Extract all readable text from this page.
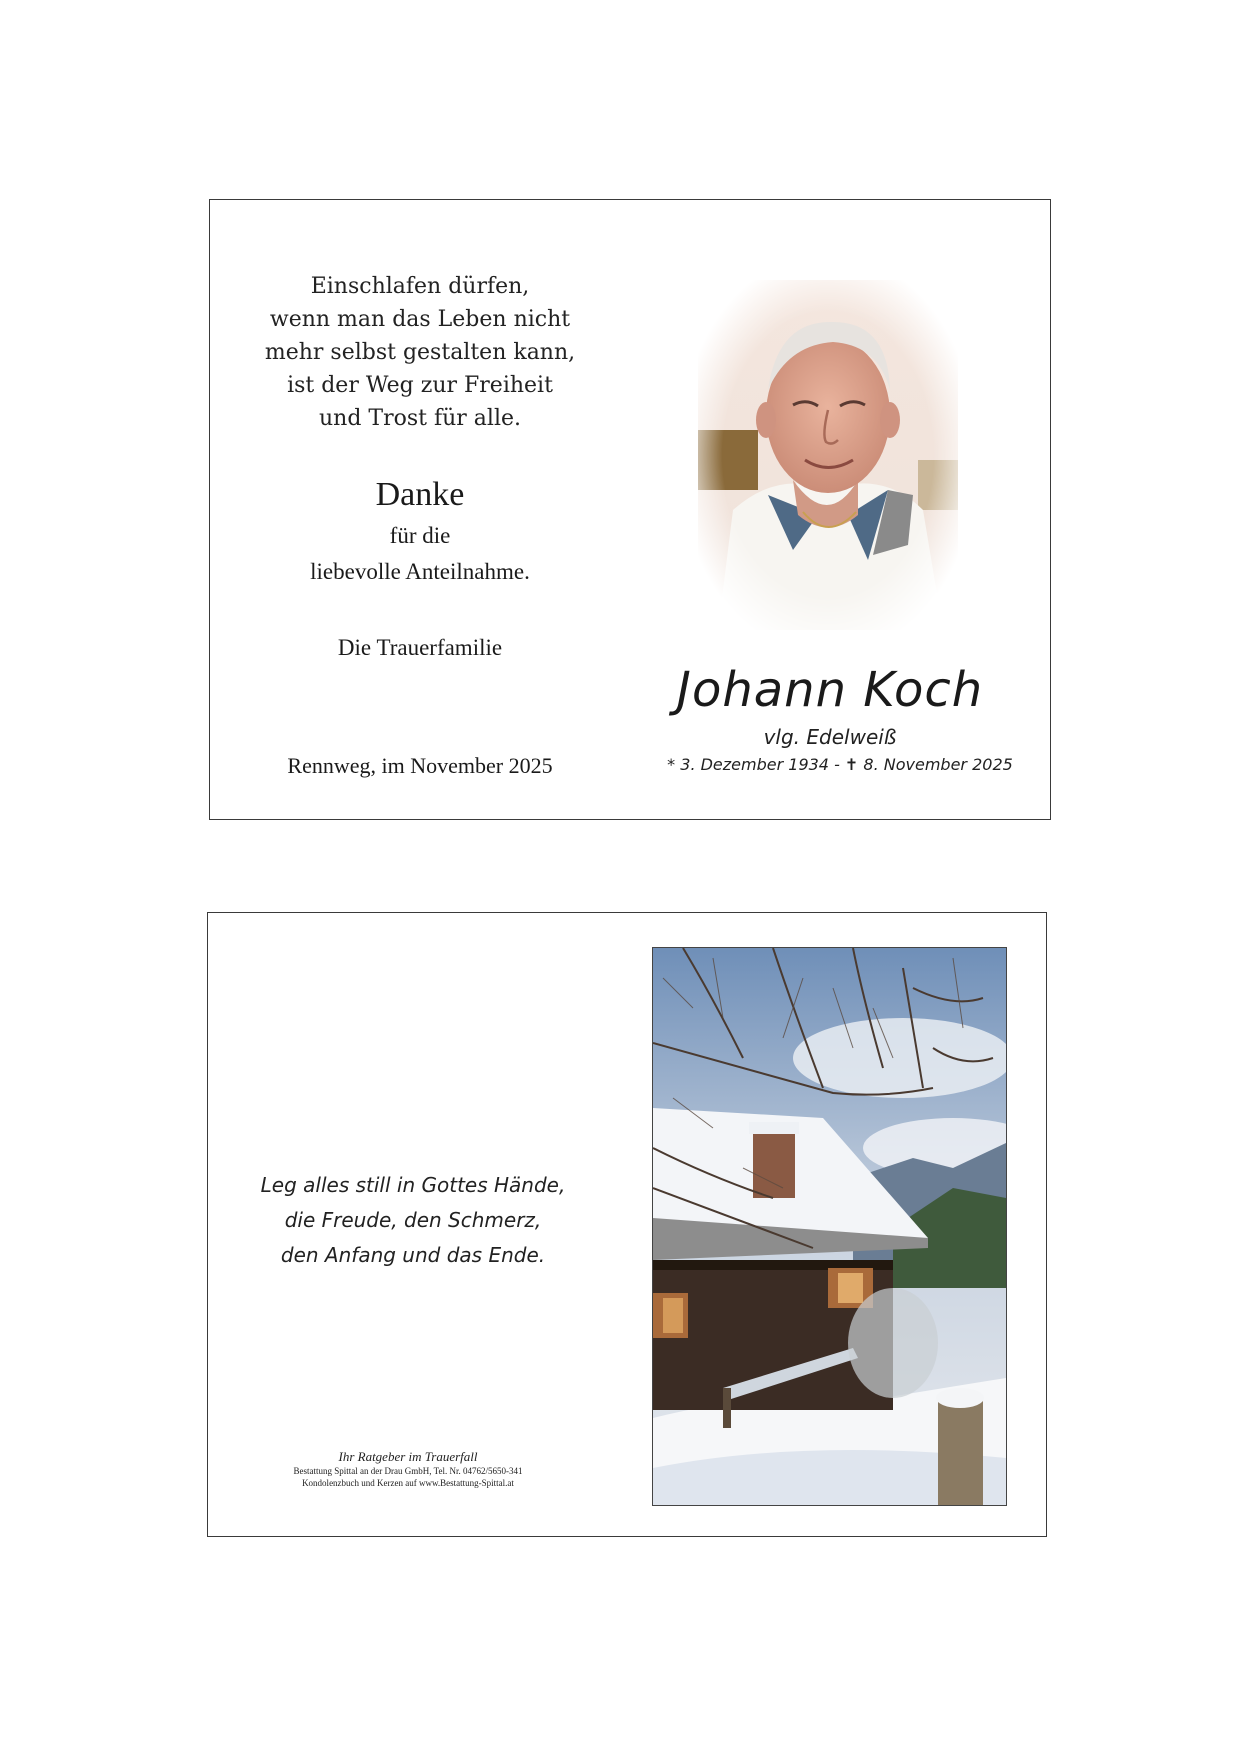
Einschlafen dürfen,
wenn man das Leben nicht
mehr selbst gestalten kann,
ist der Weg zur Freiheit
und Trost für alle.
Danke
für die
liebevolle Anteilnahme.
Die Trauerfamilie
Rennweg, im November 2025
Johann Koch
vlg. Edelweiß
* 3. Dezember 1934 - ✝ 8. November 2025
Leg alles still in Gottes Hände,
die Freude, den Schmerz,
den Anfang und das Ende.
Ihr Ratgeber im Trauerfall
Bestattung Spittal an der Drau GmbH, Tel. Nr. 04762/5650-341
Kondolenzbuch und Kerzen auf www.Bestattung-Spittal.at
